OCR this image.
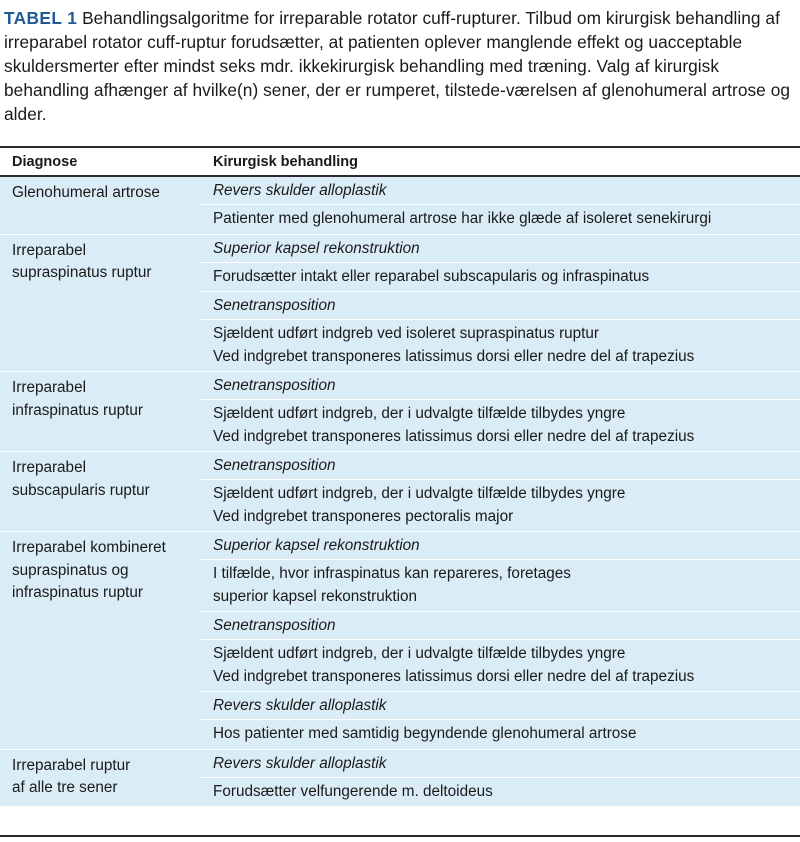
TABEL 1 Behandlingsalgoritme for irreparable rotator cuff-rupturer. Tilbud om kirurgisk behandling af irreparabel rotator cuff-ruptur forudsætter, at patienten oplever manglende effekt og uacceptable skuldersmerter efter mindst seks mdr. ikkekirurgisk behandling med træning. Valg af kirurgisk behandling afhænger af hvilke(n) sener, der er rumperet, tilstede-værelsen af glenohumeral artrose og alder.

Diagnose	Kirurgisk behandling
Glenohumeral artrose	Revers skulder alloplastik
Patienter med glenohumeral artrose har ikke glæde af isoleret senekirurgi
Irreparabel
supraspinatus ruptur
Superior kapsel rekonstruktion
Forudsætter intakt eller reparabel subscapularis og infraspinatus
Senetransposition
Sjældent udført indgreb ved isoleret supraspinatus ruptur
Ved indgrebet transponeres latissimus dorsi eller nedre del af trapezius
Irreparabel
infraspinatus ruptur
Senetransposition
Sjældent udført indgreb, der i udvalgte tilfælde tilbydes yngre
Ved indgrebet transponeres latissimus dorsi eller nedre del af trapezius
Irreparabel
subscapularis ruptur
Senetransposition
Sjældent udført indgreb, der i udvalgte tilfælde tilbydes yngre
Ved indgrebet transponeres pectoralis major
Irreparabel kombineret
supraspinatus og
infraspinatus ruptur
Superior kapsel rekonstruktion
I tilfælde, hvor infraspinatus kan repareres, foretages
superior kapsel rekonstruktion
Senetransposition
Sjældent udført indgreb, der i udvalgte tilfælde tilbydes yngre
Ved indgrebet transponeres latissimus dorsi eller nedre del af trapezius
Revers skulder alloplastik
Hos patienter med samtidig begyndende glenohumeral artrose
Irreparabel ruptur
af alle tre sener
Revers skulder alloplastik
Forudsætter velfungerende m. deltoideus
